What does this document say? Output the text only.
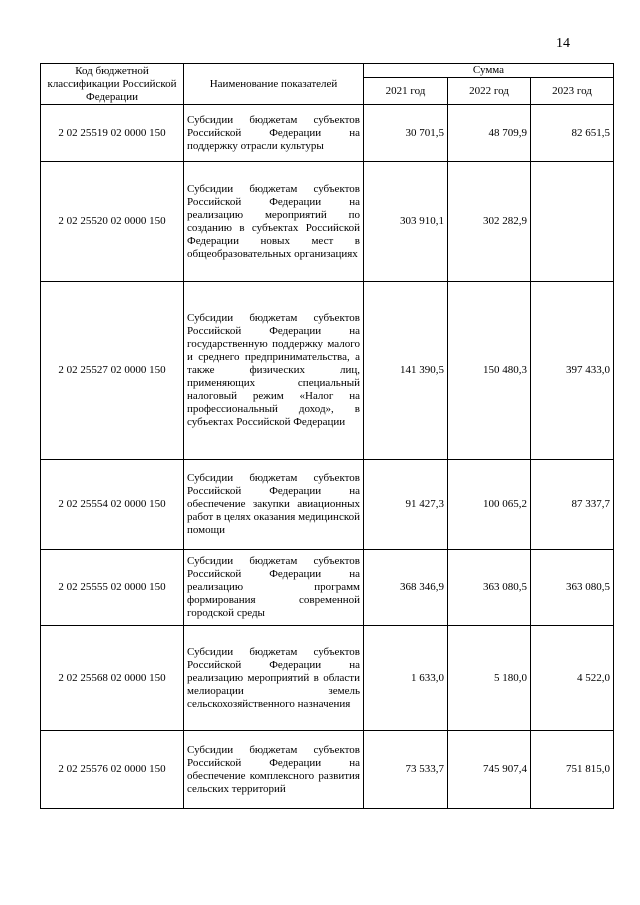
14
Код бюджетной классификации Российской Федерации	Наименование показателей	Сумма		
		2021 год	2022 год	2023 год
2 02 25519 02 0000 150	Субсидии бюджетам субъектов Российской Федерации на поддержку отрасли культуры	30 701,5	48 709,9	82 651,5
2 02 25520 02 0000 150	Субсидии бюджетам субъектов Российской Федерации на реализацию мероприятий по созданию в субъектах Российской Федерации новых мест в общеобразовательных организациях	303 910,1	302 282,9	
2 02 25527 02 0000 150	Субсидии бюджетам субъектов Российской Федерации на государственную поддержку малого и среднего предпринимательства, а также физических лиц, применяющих специальный налоговый режим «Налог на профессиональный доход», в субъектах Российской Федерации	141 390,5	150 480,3	397 433,0
2 02 25554 02 0000 150	Субсидии бюджетам субъектов Российской Федерации на обеспечение закупки авиационных работ в целях оказания медицинской помощи	91 427,3	100 065,2	87 337,7
2 02 25555 02 0000 150	Субсидии бюджетам субъектов Российской Федерации на реализацию программ формирования современной городской среды	368 346,9	363 080,5	363 080,5
2 02 25568 02 0000 150	Субсидии бюджетам субъектов Российской Федерации на реализацию мероприятий в области мелиорации земель сельскохозяйственного назначения	1 633,0	5 180,0	4 522,0
2 02 25576 02 0000 150	Субсидии бюджетам субъектов Российской Федерации на обеспечение комплексного развития сельских территорий	73 533,7	745 907,4	751 815,0
